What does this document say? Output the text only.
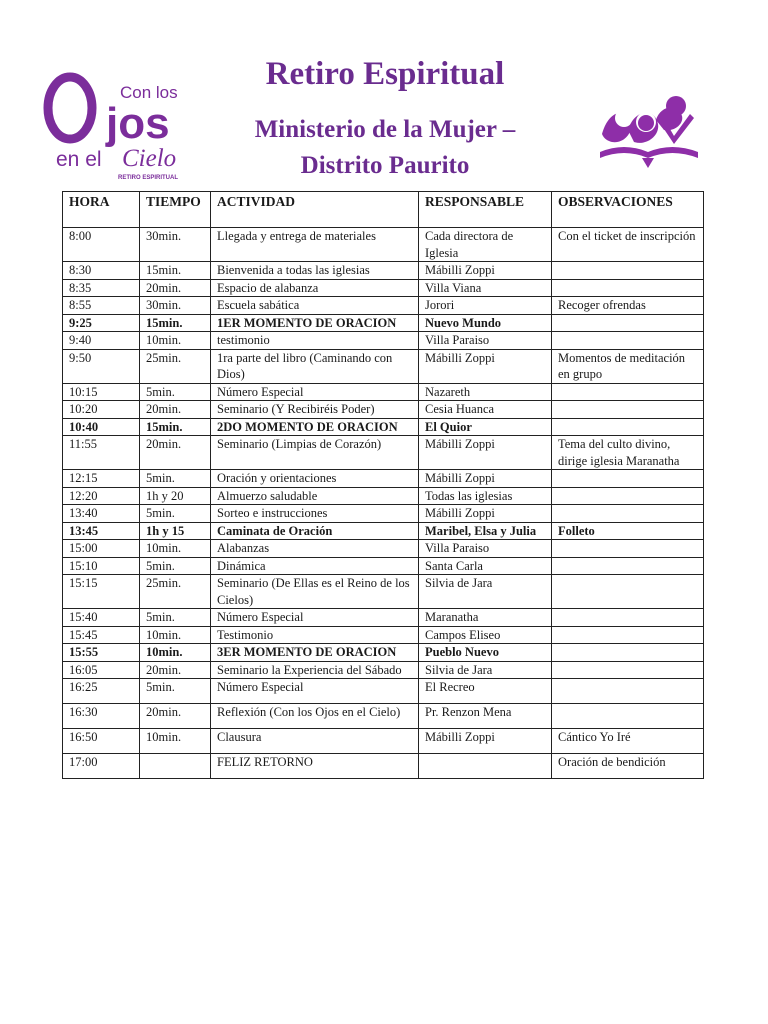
Con los
jos
en el Cielo
RETIRO ESPIRITUAL
Retiro Espiritual
Ministerio de la Mujer –
Distrito Paurito
HORA	TIEMPO	ACTIVIDAD	RESPONSABLE	OBSERVACIONES
8:00	30min.	Llegada y entrega de materiales	Cada directora de Iglesia	Con el ticket de inscripción
8:30	15min.	Bienvenida a todas las iglesias	Mábilli Zoppi	
8:35	20min.	Espacio de alabanza	Villa Viana	
8:55	30min.	Escuela sabática	Jorori	Recoger ofrendas
9:25	15min.	1ER MOMENTO DE ORACION	Nuevo Mundo	
9:40	10min.	testimonio	Villa Paraiso	
9:50	25min.	1ra parte del libro (Caminando con Dios)	Mábilli Zoppi	Momentos de meditación en grupo
10:15	5min.	Número Especial	Nazareth	
10:20	20min.	Seminario (Y Recibiréis Poder)	Cesia Huanca	
10:40	15min.	2DO MOMENTO DE ORACION	El Quior	
11:55	20min.	Seminario (Limpias de Corazón)	Mábilli Zoppi	Tema del culto divino, dirige iglesia Maranatha
12:15	5min.	Oración y orientaciones	Mábilli Zoppi	
12:20	1h y 20	Almuerzo saludable	Todas las iglesias	
13:40	5min.	Sorteo e instrucciones	Mábilli Zoppi	
13:45	1h y 15	Caminata de Oración	Maribel, Elsa y Julia	Folleto
15:00	10min.	Alabanzas	Villa Paraiso	
15:10	5min.	Dinámica	Santa Carla	
15:15	25min.	Seminario (De Ellas es el Reino de los Cielos)	Silvia de Jara	
15:40	5min.	Número Especial	Maranatha	
15:45	10min.	Testimonio	Campos Eliseo	
15:55	10min.	3ER MOMENTO DE ORACION	Pueblo Nuevo	
16:05	20min.	Seminario la Experiencia del Sábado	Silvia de Jara	
16:25	5min.	Número Especial	El Recreo	
16:30	20min.	Reflexión (Con los Ojos en el Cielo)	Pr. Renzon Mena	
16:50	10min.	Clausura	Mábilli Zoppi	Cántico Yo Iré
17:00		FELIZ RETORNO		Oración de bendición
